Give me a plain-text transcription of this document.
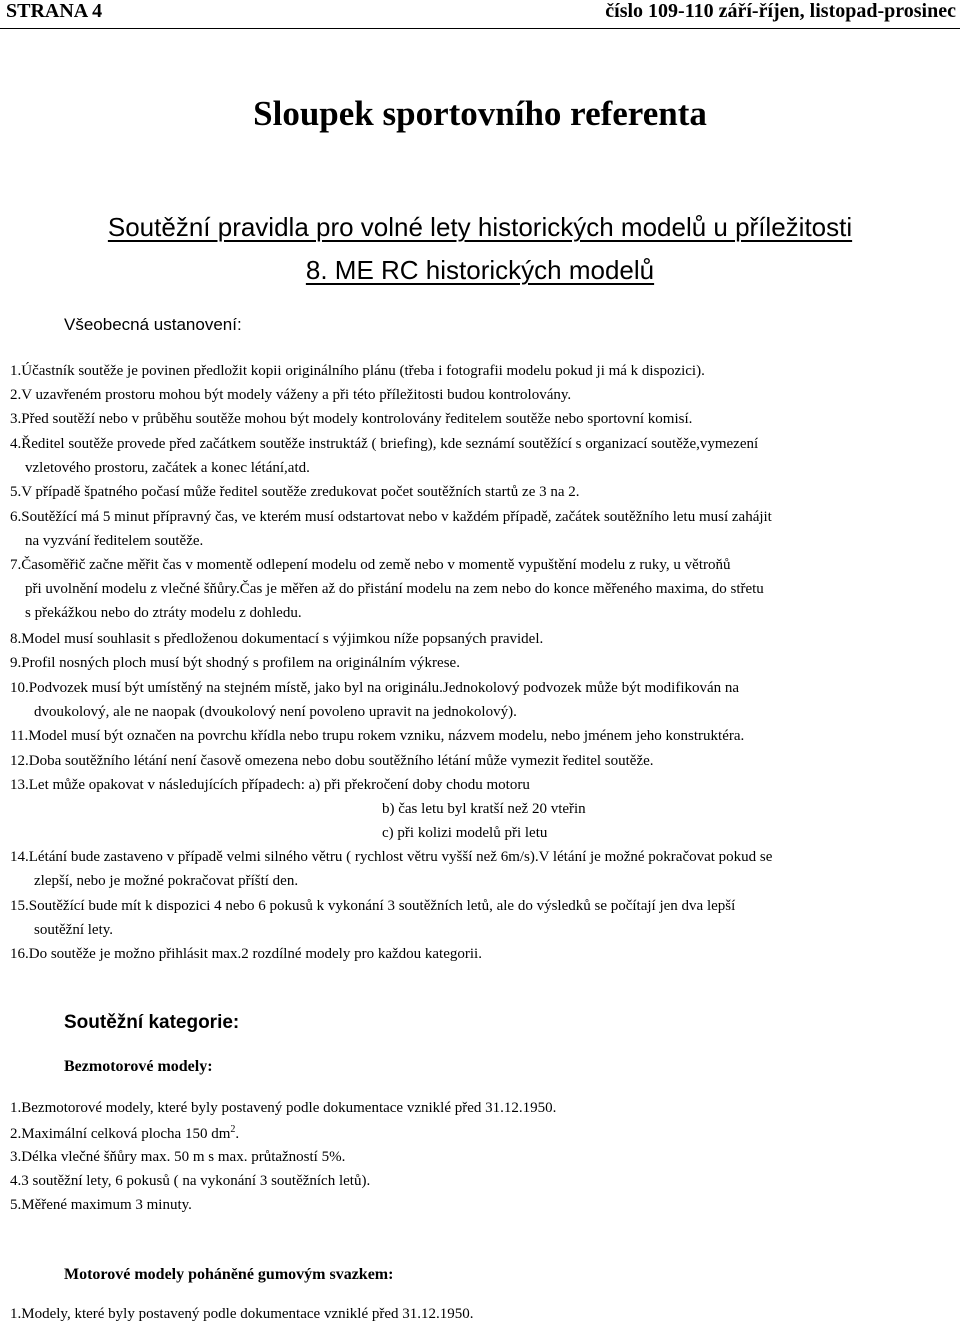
STRANA 4	číslo 109-110 září-říjen, listopad-prosinec
Sloupek sportovního referenta
Soutěžní pravidla pro volné lety historických modelů u příležitosti
8. ME RC historických modelů
Všeobecná ustanovení:
1.Účastník soutěže je povinen předložit kopii originálního plánu (třeba i fotografii modelu pokud ji má k dispozici).
2.V uzavřeném prostoru mohou být modely váženy a při této příležitosti budou kontrolovány.
3.Před soutěží nebo v průběhu soutěže mohou být modely kontrolovány ředitelem soutěže nebo sportovní komisí.
4.Ředitel soutěže provede před začátkem soutěže instruktáž ( briefing), kde seznámí soutěžící s organizací soutěže,vymezení
vzletového prostoru, začátek a konec létání,atd.
5.V případě špatného počasí může ředitel soutěže zredukovat počet soutěžních startů ze 3 na 2.
6.Soutěžící má 5 minut přípravný čas, ve kterém musí odstartovat nebo v každém případě, začátek soutěžního letu musí zahájit
na vyzvání ředitelem soutěže.
7.Časoměřič začne měřit čas v momentě odlepení modelu od země nebo v momentě vypuštění modelu z ruky, u větroňů
při uvolnění modelu z vlečné šňůry.Čas je měřen až do přistání modelu na zem nebo do konce měřeného maxima, do střetu
s překážkou nebo do ztráty modelu z dohledu.
8.Model musí souhlasit s předloženou dokumentací s výjimkou níže popsaných pravidel.
9.Profil nosných ploch musí být shodný s profilem na originálním výkrese.
10.Podvozek musí být umístěný na stejném místě, jako byl na originálu.Jednokolový podvozek může být modifikován na
dvoukolový, ale ne naopak (dvoukolový není povoleno upravit na jednokolový).
11.Model musí být označen na povrchu křídla nebo trupu rokem vzniku, názvem modelu, nebo jménem jeho konstruktéra.
12.Doba soutěžního létání není časově omezena nebo dobu soutěžního létání může vymezit ředitel soutěže.
13.Let může opakovat v následujících případech: a) při překročení doby chodu motoru
b) čas letu byl kratší než 20 vteřin
c) při kolizi modelů při letu
14.Létání bude zastaveno v případě velmi silného větru ( rychlost větru vyšší než 6m/s).V létání je možné pokračovat pokud se
zlepší, nebo je možné pokračovat příští den.
15.Soutěžící bude mít k dispozici 4 nebo 6 pokusů k vykonání 3 soutěžních letů, ale do výsledků se počítají jen dva lepší
soutěžní lety.
16.Do soutěže je možno přihlásit max.2 rozdílné modely pro každou kategorii.
Soutěžní kategorie:
Bezmotorové modely:
1.Bezmotorové modely, které byly postavený podle dokumentace vzniklé před 31.12.1950.
2.Maximální celková plocha 150 $dm^2$.
3.Délka vlečné šňůry max. 50 m s max. průtažností 5%.
4.3 soutěžní lety, 6 pokusů ( na vykonání 3 soutěžních letů).
5.Měřené maximum 3 minuty.
Motorové modely poháněné gumovým svazkem:
1.Modely, které byly postavený podle dokumentace vzniklé před 31.12.1950.
